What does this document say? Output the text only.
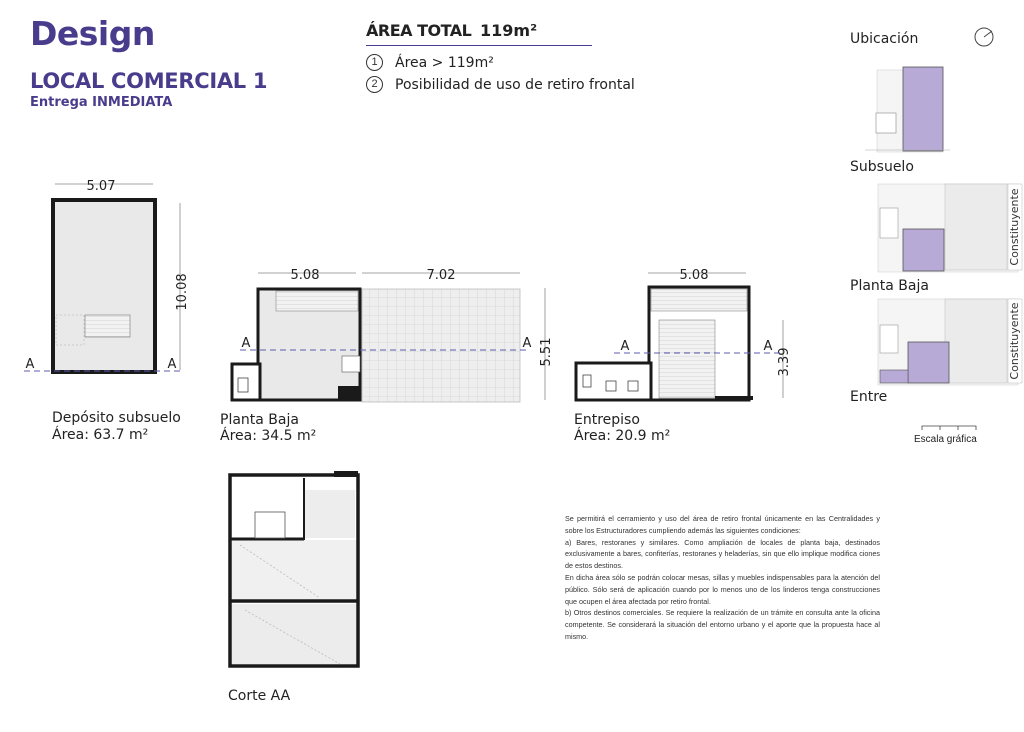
Design
LOCAL COMERCIAL 1
Entrega INMEDIATA
ÁREA TOTAL 119m²
1	Área > 119m²
2	Posibilidad de uso de retiro frontal
5.07
10.08
A	A
5.08	7.02
5.51
A	A
5.08
3.39
A	A
Constituyente
Constituyente
Depósito subsuelo
Área: 63.7 m²
Planta Baja
Área: 34.5 m²
Entrepiso
Área: 20.9 m²
Corte AA
Ubicación
Subsuelo
Planta Baja
Entre
Escala gráfica

Se permitirá el cerramiento y uso del área de retiro frontal únicamente en las Centralidades y sobre los Estructuradores cumpliendo además las siguientes condiciones:

a) Bares, restoranes y similares. Como ampliación de locales de planta baja, destinados exclusivamente a bares, confiterías, restoranes y heladerías, sin que ello implique modifica ciones de estos destinos.

En dicha área sólo se podrán colocar mesas, sillas y muebles indispensables para la atención del público. Sólo será de aplicación cuando por lo menos uno de los linderos tenga construcciones que ocupen el área afectada por retiro frontal.

b) Otros destinos comerciales. Se requiere la realización de un trámite en consulta ante la oficina competente. Se considerará la situación del entorno urbano y el aporte que la propuesta hace al mismo.
